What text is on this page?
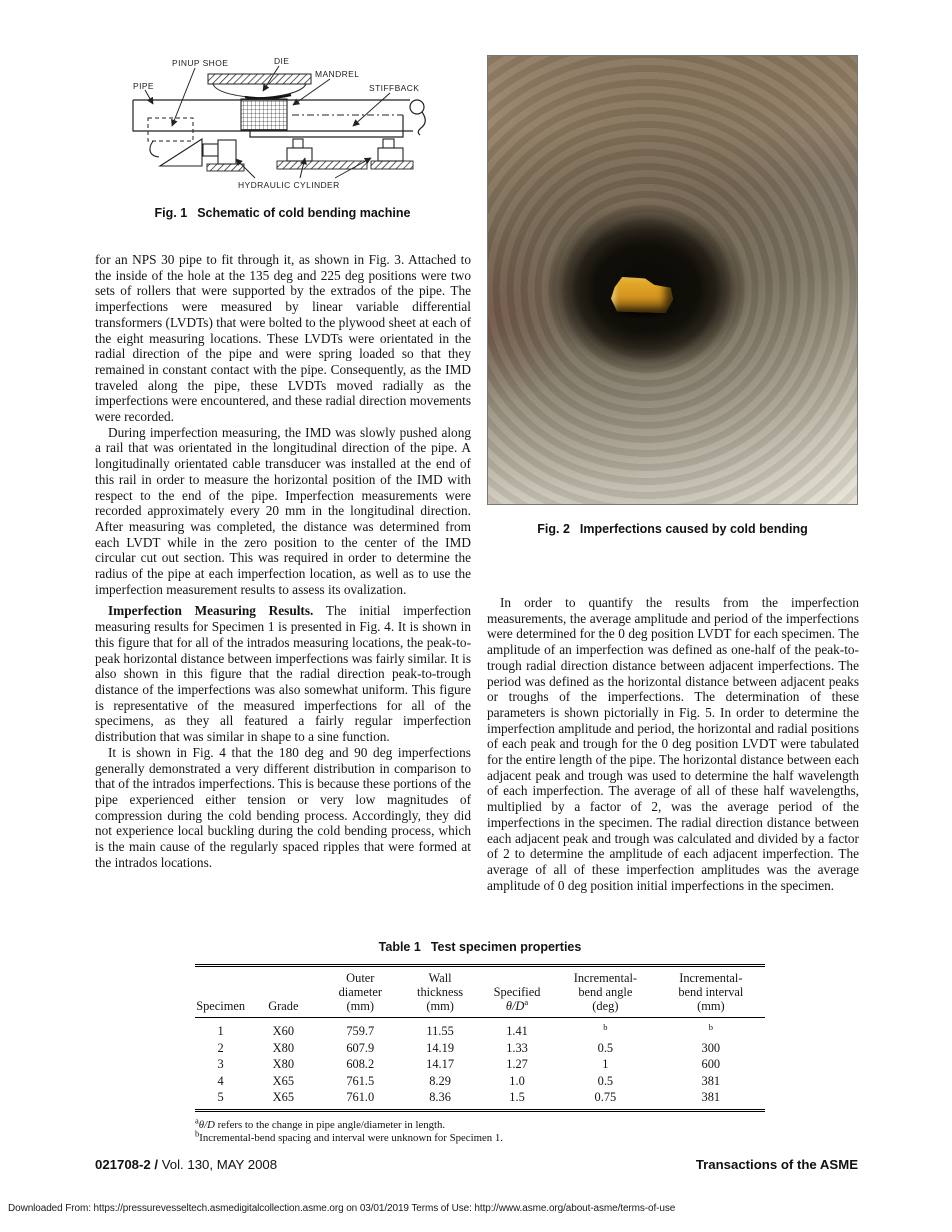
PIPE
PINUP SHOE	DIE
MANDREL
STIFFBACK
HYDRAULIC CYLINDER
Fig. 1 Schematic of cold bending machine
Fig. 2 Imperfections caused by cold bending

for an NPS 30 pipe to fit through it, as shown in Fig. 3. Attached to the inside of the hole at the 135 deg and 225 deg positions were two sets of rollers that were supported by the extrados of the pipe. The imperfections were measured by linear variable differential transformers (LVDTs) that were bolted to the plywood sheet at each of the eight measuring locations. These LVDTs were orientated in the radial direction of the pipe and were spring loaded so that they remained in constant contact with the pipe. Consequently, as the IMD traveled along the pipe, these LVDTs moved radially as the imperfections were encountered, and these radial direction movements were recorded.

During imperfection measuring, the IMD was slowly pushed along a rail that was orientated in the longitudinal direction of the pipe. A longitudinally orientated cable transducer was installed at the end of this rail in order to measure the horizontal position of the IMD with respect to the end of the pipe. Imperfection measurements were recorded approximately every 20 mm in the longitudinal direction. After measuring was completed, the distance was determined from each LVDT while in the zero position to the center of the IMD circular cut out section. This was required in order to determine the radius of the pipe at each imperfection location, as well as to use the imperfection measurement results to assess its ovalization.

Imperfection Measuring Results. The initial imperfection measuring results for Specimen 1 is presented in Fig. 4. It is shown in this figure that for all of the intrados measuring locations, the peak-to-peak horizontal distance between imperfections was fairly similar. It is also shown in this figure that the radial direction peak-to-trough distance of the imperfections was also somewhat uniform. This figure is representative of the measured imperfections for all of the specimens, as they all featured a fairly regular imperfection distribution that was similar in shape to a sine function.

It is shown in Fig. 4 that the 180 deg and 90 deg imperfections generally demonstrated a very different distribution in comparison to that of the intrados imperfections. This is because these portions of the pipe experienced either tension or very low magnitudes of compression during the cold bending process. Accordingly, they did not experience local buckling during the cold bending process, which is the main cause of the regularly spaced ripples that were formed at the intrados locations.

In order to quantify the results from the imperfection measurements, the average amplitude and period of the imperfections were determined for the 0 deg position LVDT for each specimen. The amplitude of an imperfection was defined as one-half of the peak-to-trough radial direction distance between adjacent imperfections. The period was defined as the horizontal distance between adjacent peaks or troughs of the imperfections. The determination of these parameters is shown pictorially in Fig. 5. In order to determine the imperfection amplitude and period, the horizontal and radial positions of each peak and trough for the 0 deg position LVDT were tabulated for the entire length of the pipe. The horizontal distance between each adjacent peak and trough was used to determine the half wavelength of each imperfection. The average of all of these half wavelengths, multiplied by a factor of 2, was the average period of the imperfections in the specimen. The radial direction distance between each adjacent peak and trough was calculated and divided by a factor of 2 to determine the amplitude of each adjacent imperfection. The average of all of these imperfection amplitudes was the average amplitude of 0 deg position initial imperfections in the specimen.

Table 1 Test specimen properties
Specimen	Grade	Outer
diameter
(mm)	Wall
thickness
(mm)	Specified
$\theta/D^a$	Incremental-
bend angle
(deg)	Incremental-
bend interval
(mm)
1	X60	759.7	11.55	1.41	$^b$	$^b$
2	X80	607.9	14.19	1.33	0.5	300
3	X80	608.2	14.17	1.27	1	600
4	X65	761.5	8.29	1.0	0.5	381
5	X65	761.0	8.36	1.5	0.75	381

$^a$θ/D refers to the change in pipe angle/diameter in length.

$^b$Incremental-bend spacing and interval were unknown for Specimen 1.

021708-2 / Vol. 130, MAY 2008	Transactions of the ASME
Downloaded From: https://pressurevesseltech.asmedigitalcollection.asme.org on 03/01/2019 Terms of Use: http://www.asme.org/about-asme/terms-of-use
